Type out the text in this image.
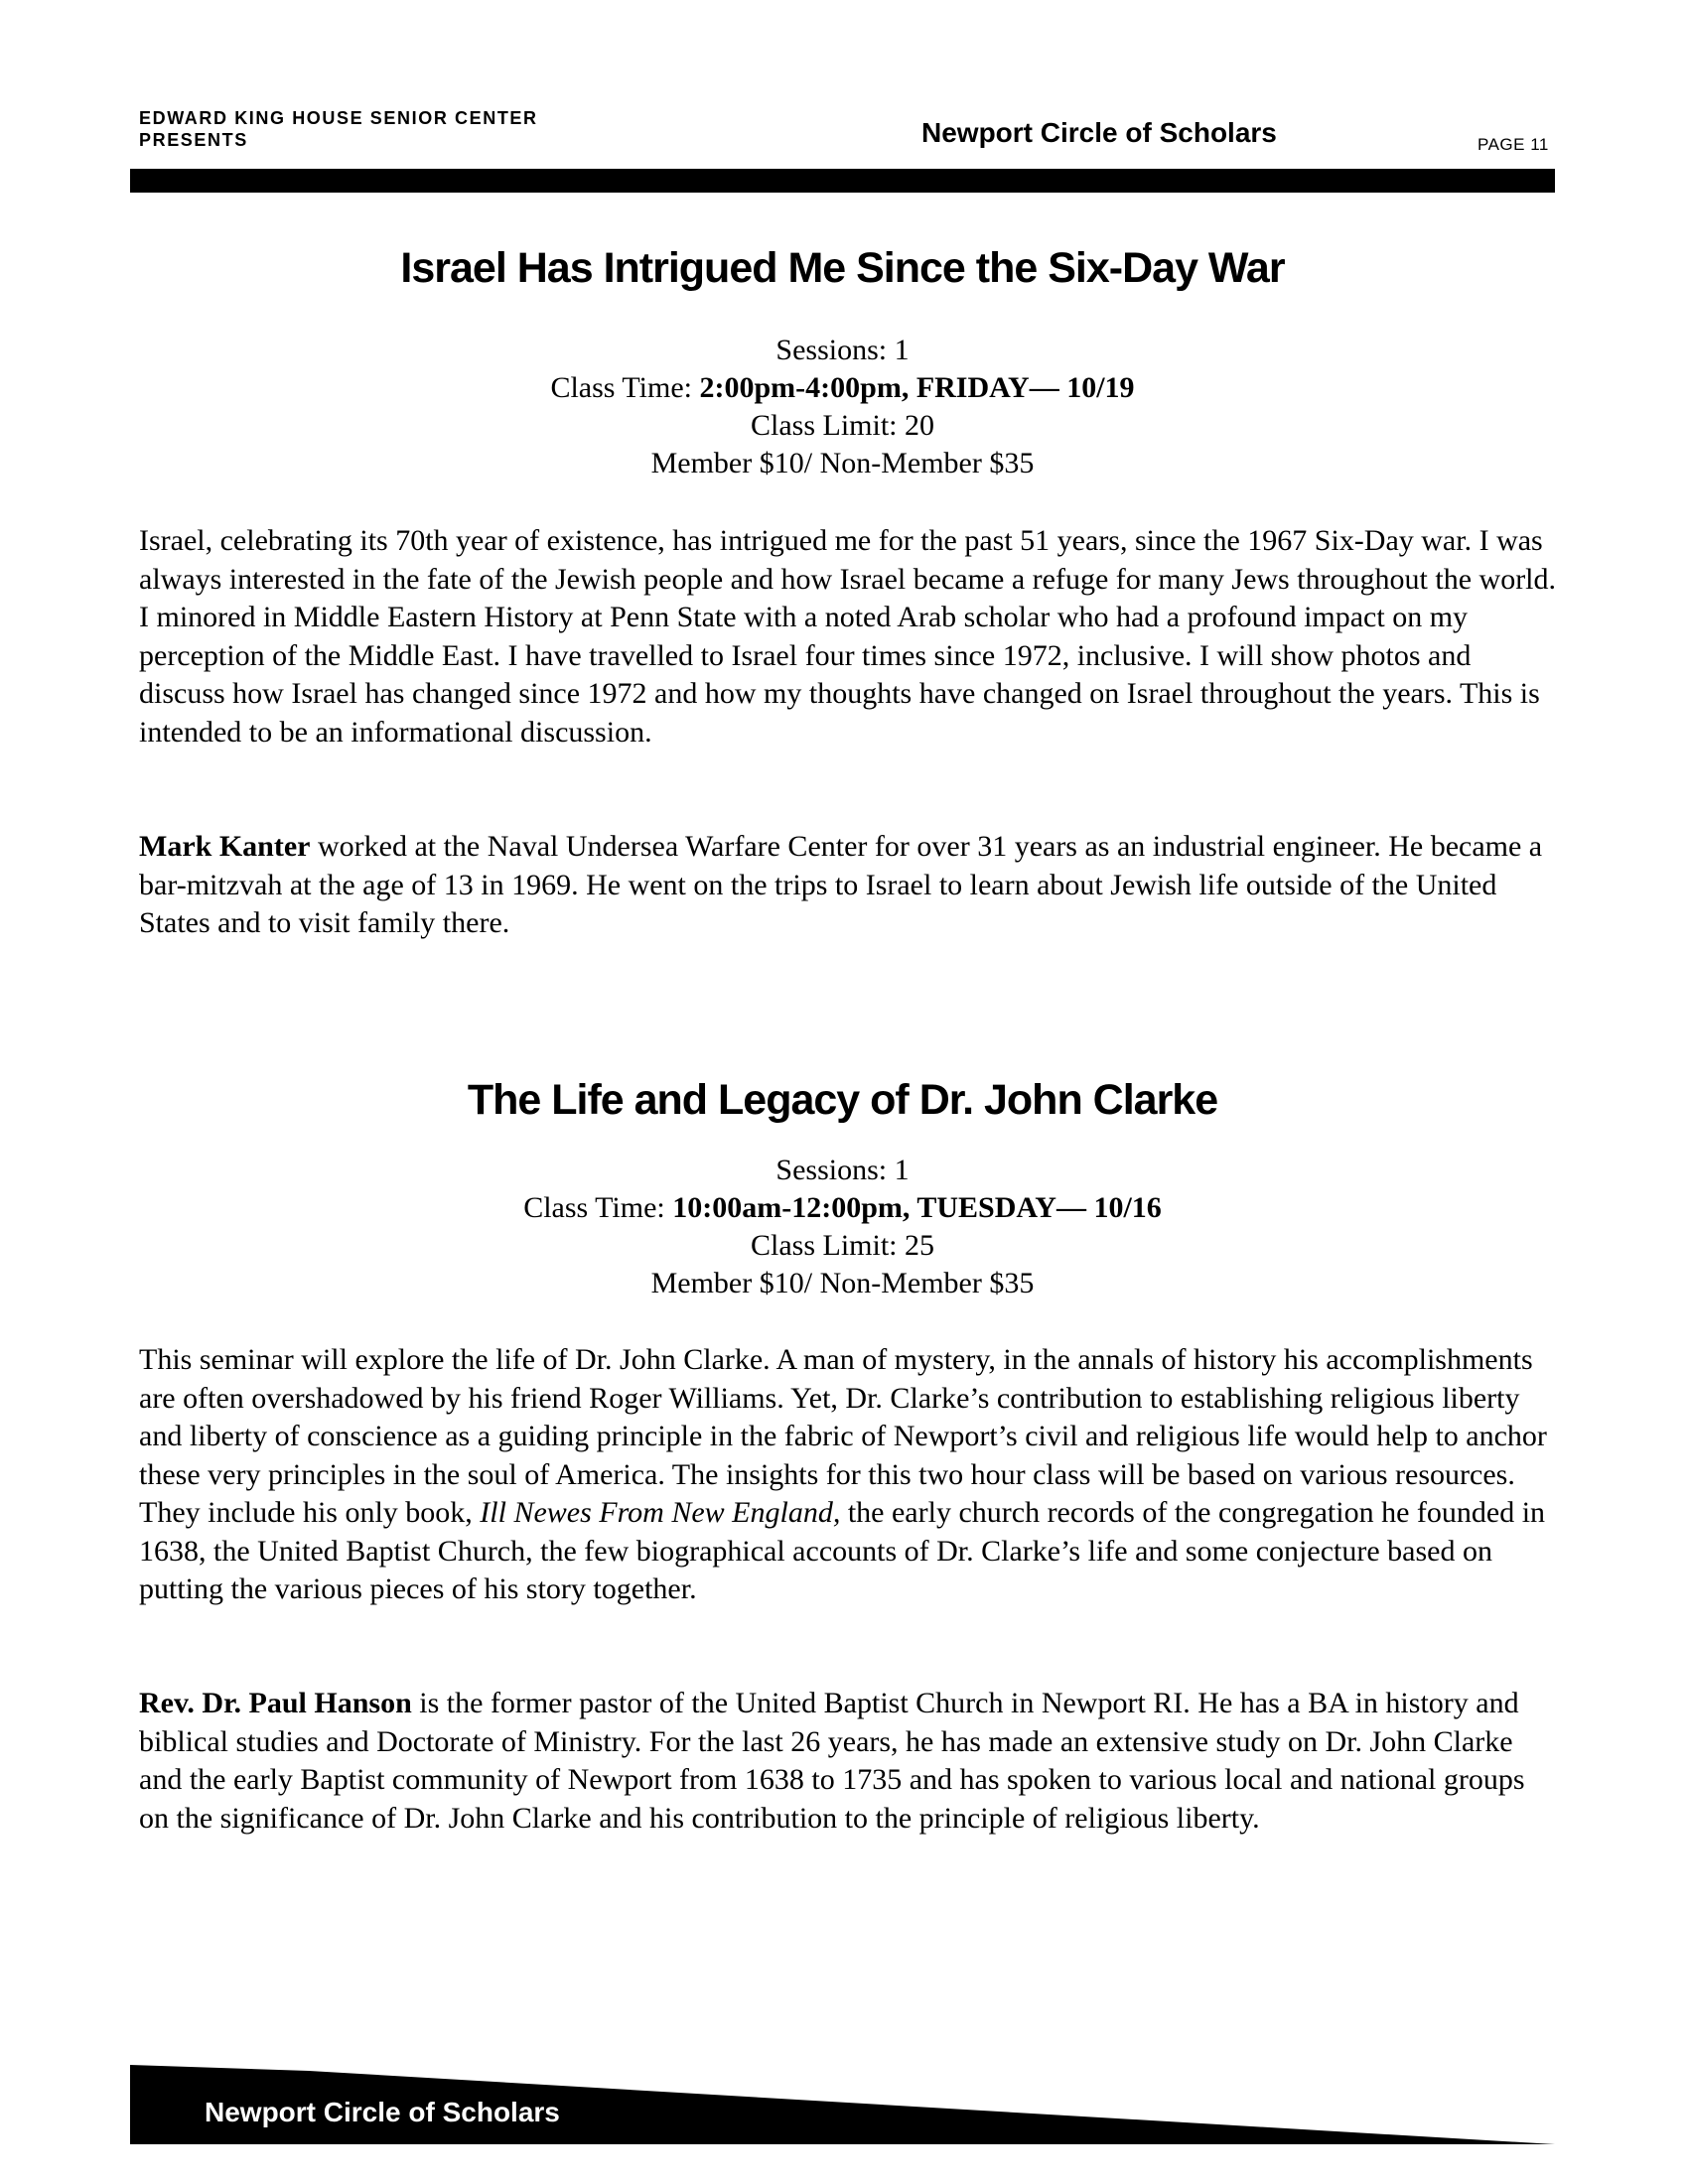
EDWARD KING HOUSE SENIOR CENTER
PRESENTS	Newport Circle of Scholars	PAGE 11
Israel Has Intrigued Me Since the Six-Day War
Sessions: 1
Class Time: 2:00pm-4:00pm, FRIDAY— 10/19
Class Limit: 20
Member $10/ Non-Member $35

Israel, celebrating its 70th year of existence, has intrigued me for the past 51 years, since the 1967 Six-Day war. I was always interested in the fate of the Jewish people and how Israel became a refuge for many Jews throughout the world. I minored in Middle Eastern History at Penn State with a noted Arab scholar who had a profound impact on my perception of the Middle East. I have travelled to Israel four times since 1972, inclusive. I will show photos and discuss how Israel has changed since 1972 and how my thoughts have changed on Israel throughout the years. This is intended to be an informational discussion.

Mark Kanter worked at the Naval Undersea Warfare Center for over 31 years as an industrial engineer. He became a bar-mitzvah at the age of 13 in 1969. He went on the trips to Israel to learn about Jewish life outside of the United States and to visit family there.

The Life and Legacy of Dr. John Clarke
Sessions: 1
Class Time: 10:00am-12:00pm, TUESDAY— 10/16
Class Limit: 25
Member $10/ Non-Member $35

This seminar will explore the life of Dr. John Clarke. A man of mystery, in the annals of history his accomplishments are often overshadowed by his friend Roger Williams. Yet, Dr. Clarke’s contribution to establishing religious liberty and liberty of conscience as a guiding principle in the fabric of Newport’s civil and religious life would help to anchor these very principles in the soul of America. The insights for this two hour class will be based on various resources. They include his only book, Ill Newes From New England, the early church records of the congregation he founded in 1638, the United Baptist Church, the few biographical accounts of Dr. Clarke’s life and some conjecture based on putting the various pieces of his story together.

Rev. Dr. Paul Hanson is the former pastor of the United Baptist Church in Newport RI. He has a BA in history and biblical studies and Doctorate of Ministry. For the last 26 years, he has made an extensive study on Dr. John Clarke and the early Baptist community of Newport from 1638 to 1735 and has spoken to various local and national groups on the significance of Dr. John Clarke and his contribution to the principle of religious liberty.

Newport Circle of Scholars
